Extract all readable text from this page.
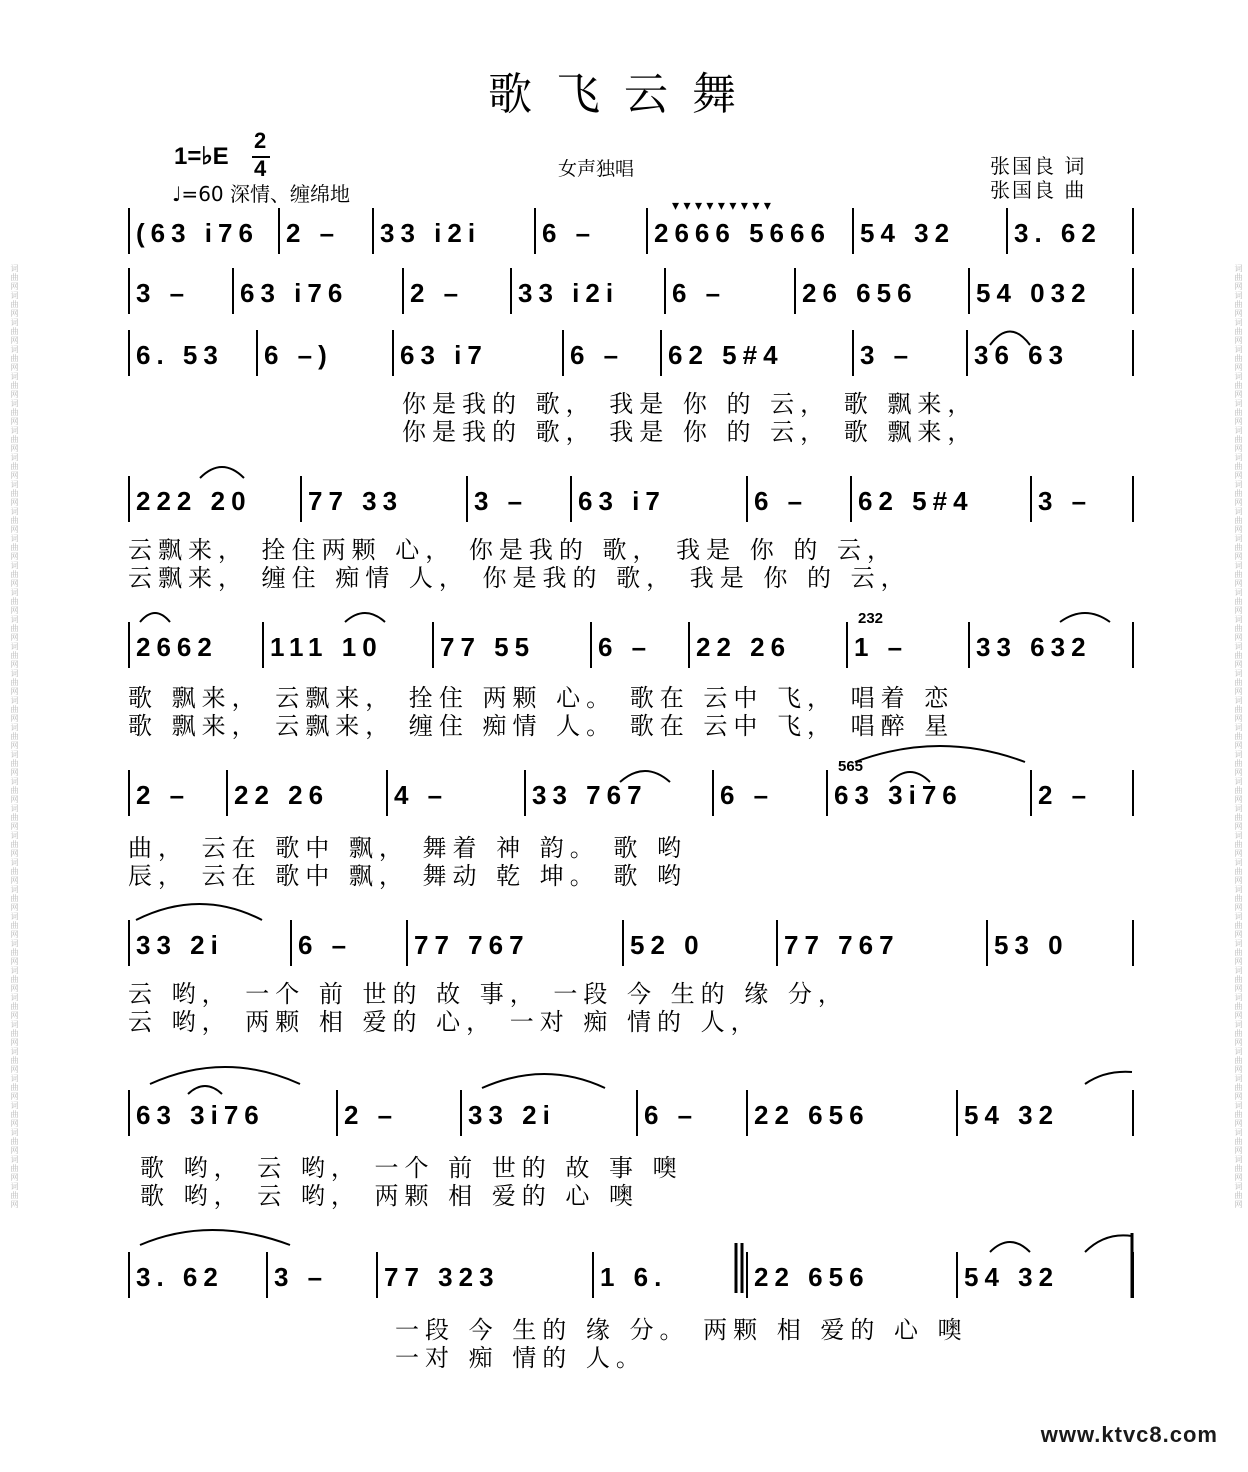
词曲网词曲网词曲网词曲网词曲网词曲网词曲网词曲网词曲网词曲网词曲网词曲网词曲网词曲网词曲网词曲网词曲网词曲网词曲网词曲网词曲网词曲网词曲网词曲网词曲网词曲网词曲网词曲网词曲网词曲网词曲网词曲网词曲网词曲网词曲网	词曲网词曲网词曲网词曲网词曲网词曲网词曲网词曲网词曲网词曲网词曲网词曲网词曲网词曲网词曲网词曲网词曲网词曲网词曲网词曲网词曲网词曲网词曲网词曲网词曲网词曲网词曲网词曲网词曲网词曲网词曲网词曲网词曲网词曲网词曲网
歌飞云舞
1=♭E
2
4
♩=60 深情、缠绵地
女声独唱	张国良 词
张国良 曲
(63 i76	2 –	33 i2i	6 –	2666 5666	54 32	3. 62
3 –	63 i76	2 –	33 i2i	6 –	26 656	54 032
6. 53	6 –)	63 i7	6 –	62 5#4	3 –	36 63
你是我的 歌， 我是 你 的 云， 歌 飘来，
你是我的 歌， 我是 你 的 云， 歌 飘来，
222 20	77 33	3 –	63 i7	6 –	62 5#4	3 –
云飘来， 拴住两颗 心， 你是我的 歌， 我是 你 的 云，
云飘来， 缠住 痴情 人， 你是我的 歌， 我是 你 的 云，
2662	111 10	77 55	6 –	22 26	1 –	33 632
232
歌 飘来， 云飘来， 拴住 两颗 心。 歌在 云中 飞， 唱着 恋
歌 飘来， 云飘来， 缠住 痴情 人。 歌在 云中 飞， 唱醉 星
2 –	22 26	4 –	33 767	6 –	63 3i76	2 –
565
曲， 云在 歌中 飘， 舞着 神 韵。 歌 哟
辰， 云在 歌中 飘， 舞动 乾 坤。 歌 哟
33 2i	6 –	77 767	52 0	77 767	53 0
云 哟， 一个 前 世的 故 事， 一段 今 生的 缘 分，
云 哟， 两颗 相 爱的 心， 一对 痴 情的 人，
63 3i76	2 –	33 2i	6 –	22 656	54 32
歌 哟， 云 哟， 一个 前 世的 故 事 噢
歌 哟， 云 哟， 两颗 相 爱的 心 噢
3. 62	3 –	77 323	1 6.	22 656	54 32
一段 今 生的 缘 分。 两颗 相 爱的 心 噢
一对 痴 情的 人。
▾ ▾ ▾ ▾ ▾ ▾ ▾ ▾ ▾
www.ktvc8.com
